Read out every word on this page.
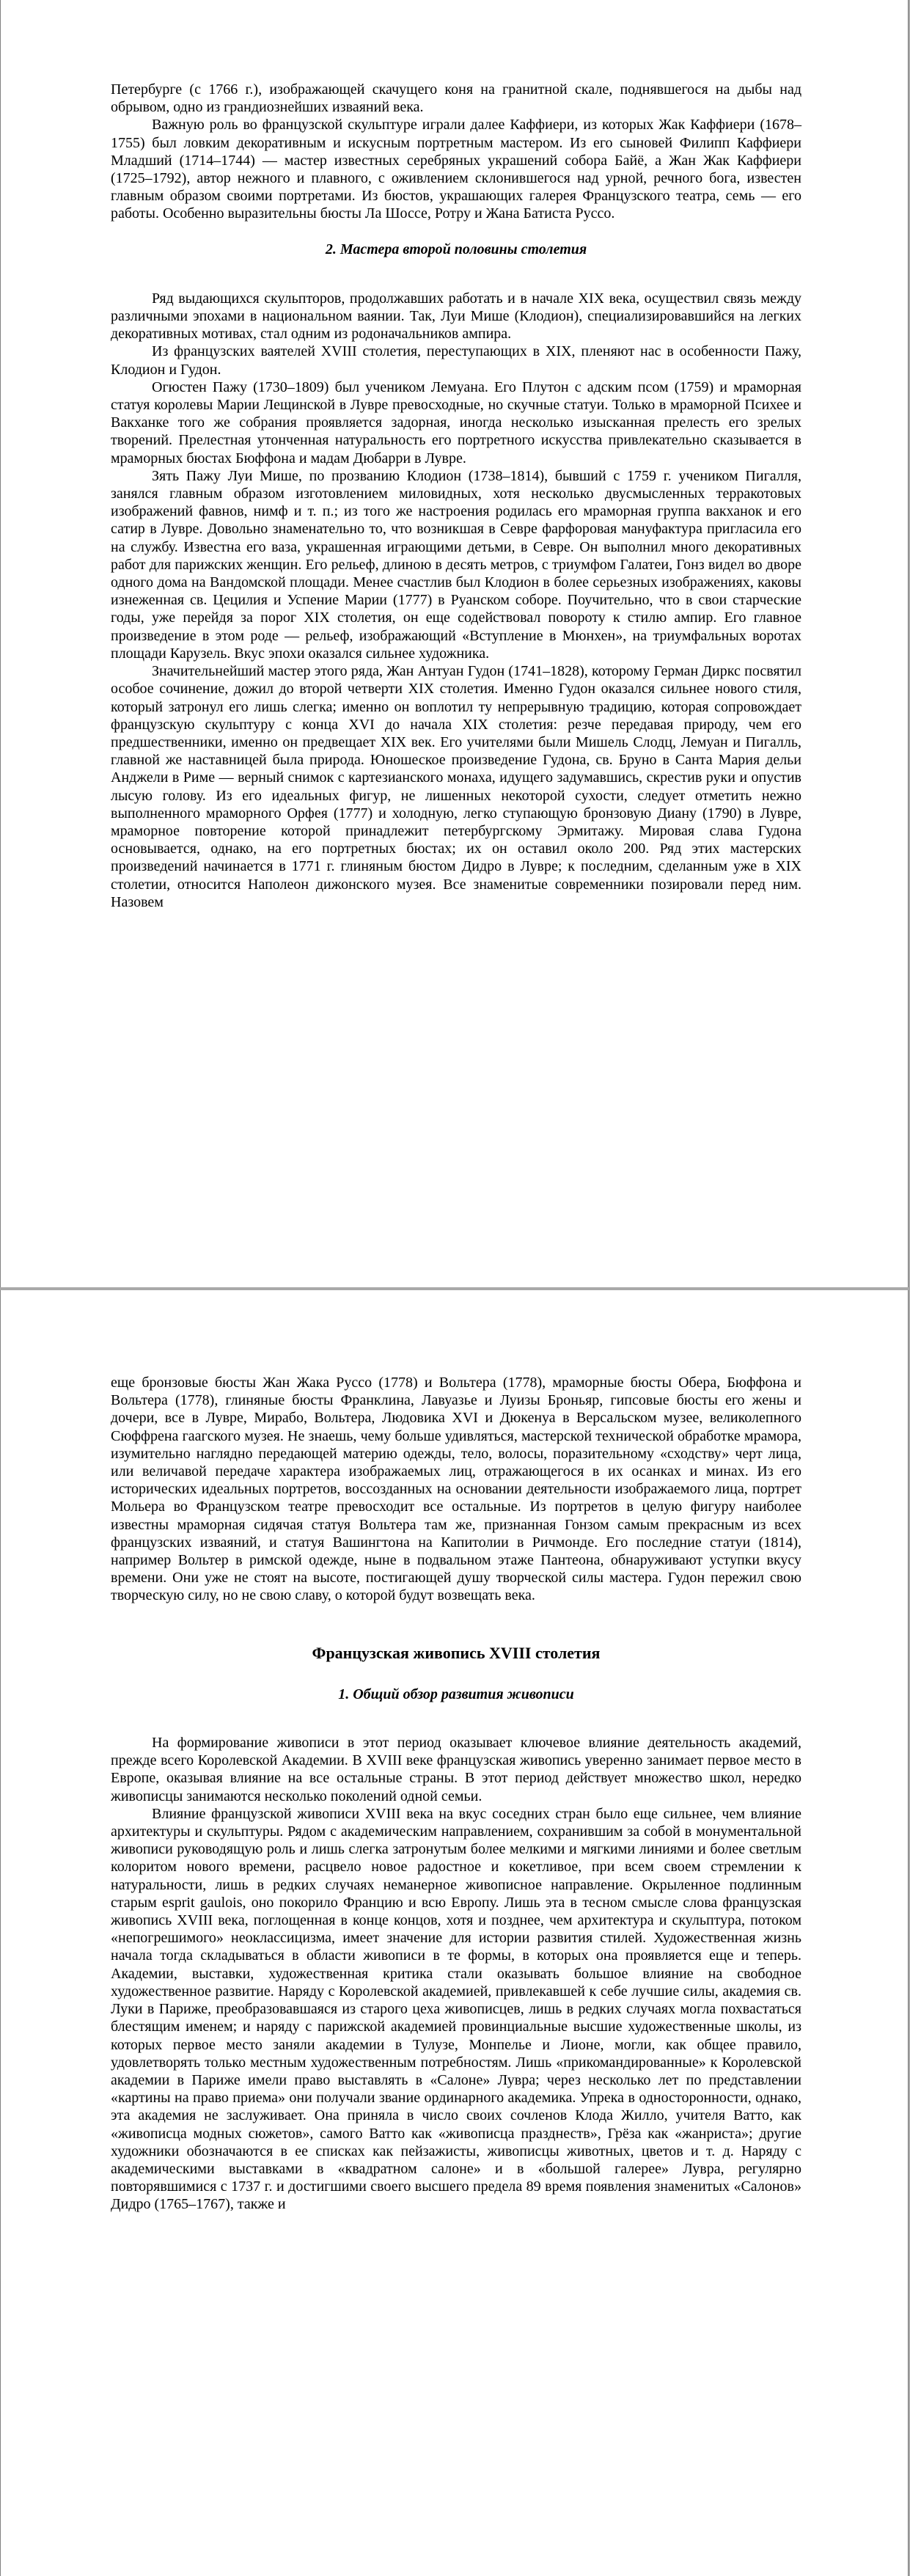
Петербурге (с 1766 г.), изображающей скачущего коня на гранитной скале, поднявшегося на дыбы над обрывом, одно из грандиознейших изваяний века.

Важную роль во французской скульптуре играли далее Каффиери, из которых Жак Каффиери (1678–1755) был ловким декоративным и искусным портретным мастером. Из его сыновей Филипп Каффиери Младший (1714–1744) — мастер известных серебряных украшений собора Байё, а Жан Жак Каффиери (1725–1792), автор нежного и плавного, с оживлением склонившегося над урной, речного бога, известен главным образом своими портретами. Из бюстов, украшающих галерея Французского театра, семь — его работы. Особенно выразительны бюсты Ла Шоссе, Ротру и Жана Батиста Руссо.

2. Мастера второй половины столетия

Ряд выдающихся скульпторов, продолжавших работать и в начале XIX века, осуществил связь между различными эпохами в национальном ваянии. Так, Луи Мише (Клодион), специализировавшийся на легких декоративных мотивах, стал одним из родоначальников ампира.

Из французских ваятелей XVIII столетия, переступающих в XIX, пленяют нас в особенности Пажу, Клодион и Гудон.

Огюстен Пажу (1730–1809) был учеником Лемуана. Его Плутон с адским псом (1759) и мраморная статуя королевы Марии Лещинской в Лувре превосходные, но скучные статуи. Только в мраморной Психее и Вакханке того же собрания проявляется задорная, иногда несколько изысканная прелесть его зрелых творений. Прелестная утонченная натуральность его портретного искусства привлекательно сказывается в мраморных бюстах Бюффона и мадам Дюбарри в Лувре.

Зять Пажу Луи Мише, по прозванию Клодион (1738–1814), бывший с 1759 г. учеником Пигалля, занялся главным образом изготовлением миловидных, хотя несколько двусмысленных терракотовых изображений фавнов, нимф и т. п.; из того же настроения родилась его мраморная группа вакханок и его сатир в Лувре. Довольно знаменательно то, что возникшая в Севре фарфоровая мануфактура пригласила его на службу. Известна его ваза, украшенная играющими детьми, в Севре. Он выполнил много декоративных работ для парижских женщин. Его рельеф, длиною в десять метров, с триумфом Галатеи, Гонз видел во дворе одного дома на Вандомской площади. Менее счастлив был Клодион в более серьезных изображениях, каковы изнеженная св. Цецилия и Успение Марии (1777) в Руанском соборе. Поучительно, что в свои старческие годы, уже перейдя за порог XIX столетия, он еще содействовал повороту к стилю ампир. Его главное произведение в этом роде — рельеф, изображающий «Вступление в Мюнхен», на триумфальных воротах площади Карузель. Вкус эпохи оказался сильнее художника.

Значительнейший мастер этого ряда, Жан Антуан Гудон (1741–1828), которому Герман Диркс посвятил особое сочинение, дожил до второй четверти XIX столетия. Именно Гудон оказался сильнее нового стиля, который затронул его лишь слегка; именно он воплотил ту непрерывную традицию, которая сопровождает французскую скульптуру с конца XVI до начала XIX столетия: резче передавая природу, чем его предшественники, именно он предвещает XIX век. Его учителями были Мишель Слодц, Лемуан и Пигалль, главной же наставницей была природа. Юношеское произведение Гудона, св. Бруно в Санта Мария дельи Анджели в Риме — верный снимок с картезианского монаха, идущего задумавшись, скрестив руки и опустив лысую голову. Из его идеальных фигур, не лишенных некоторой сухости, следует отметить нежно выполненного мраморного Орфея (1777) и холодную, легко ступающую бронзовую Диану (1790) в Лувре, мраморное повторение которой принадлежит петербургскому Эрмитажу. Мировая слава Гудона основывается, однако, на его портретных бюстах; их он оставил около 200. Ряд этих мастерских произведений начинается в 1771 г. глиняным бюстом Дидро в Лувре; к последним, сделанным уже в XIX столетии, относится Наполеон дижонского музея. Все знаменитые современники позировали перед ним. Назовем

еще бронзовые бюсты Жан Жака Руссо (1778) и Вольтера (1778), мраморные бюсты Обера, Бюффона и Вольтера (1778), глиняные бюсты Франклина, Лавуазье и Луизы Броньяр, гипсовые бюсты его жены и дочери, все в Лувре, Мирабо, Вольтера, Людовика XVI и Дюкенуа в Версальском музее, великолепного Сюффрена гаагского музея. Не знаешь, чему больше удивляться, мастерской технической обработке мрамора, изумительно наглядно передающей материю одежды, тело, волосы, поразительному «сходству» черт лица, или величавой передаче характера изображаемых лиц, отражающегося в их осанках и минах. Из его исторических идеальных портретов, воссозданных на основании деятельности изображаемого лица, портрет Мольера во Французском театре превосходит все остальные. Из портретов в целую фигуру наиболее известны мраморная сидячая статуя Вольтера там же, признанная Гонзом самым прекрасным из всех французских изваяний, и статуя Вашингтона на Капитолии в Ричмонде. Его последние статуи (1814), например Вольтер в римской одежде, ныне в подвальном этаже Пантеона, обнаруживают уступки вкусу времени. Они уже не стоят на высоте, постигающей душу творческой силы мастера. Гудон пережил свою творческую силу, но не свою славу, о которой будут возвещать века.

Французская живопись XVIII столетия
1. Общий обзор развития живописи

На формирование живописи в этот период оказывает ключевое влияние деятельность академий, прежде всего Королевской Академии. В XVIII веке французская живопись уверенно занимает первое место в Европе, оказывая влияние на все остальные страны. В этот период действует множество школ, нередко живописцы занимаются несколько поколений одной семьи.

Влияние французской живописи XVIII века на вкус соседних стран было еще сильнее, чем влияние архитектуры и скульптуры. Рядом с академическим направлением, сохранившим за собой в монументальной живописи руководящую роль и лишь слегка затронутым более мелкими и мягкими линиями и более светлым колоритом нового времени, расцвело новое радостное и кокетливое, при всем своем стремлении к натуральности, лишь в редких случаях неманерное живописное направление. Окрыленное подлинным старым esprit gaulois, оно покорило Францию и всю Европу. Лишь эта в тесном смысле слова французская живопись XVIII века, поглощенная в конце концов, хотя и позднее, чем архитектура и скульптура, потоком «непогрешимого» неоклассицизма, имеет значение для истории развития стилей. Художественная жизнь начала тогда складываться в области живописи в те формы, в которых она проявляется еще и теперь. Академии, выставки, художественная критика стали оказывать большое влияние на свободное художественное развитие. Наряду с Королевской академией, привлекавшей к себе лучшие силы, академия св. Луки в Париже, преобразовавшаяся из старого цеха живописцев, лишь в редких случаях могла похвастаться блестящим именем; и наряду с парижской академией провинциальные высшие художественные школы, из которых первое место заняли академии в Тулузе, Монпелье и Лионе, могли, как общее правило, удовлетворять только местным художественным потребностям. Лишь «прикомандированные» к Королевской академии в Париже имели право выставлять в «Салоне» Лувра; через несколько лет по представлении «картины на право приема» они получали звание ординарного академика. Упрека в односторонности, однако, эта академия не заслуживает. Она приняла в число своих сочленов Клода Жилло, учителя Ватто, как «живописца модных сюжетов», самого Ватто как «живописца празднеств», Грёза как «жанриста»; другие художники обозначаются в ее списках как пейзажисты, живописцы животных, цветов и т. д. Наряду с академическими выставками в «квадратном салоне» и в «большой галерее» Лувра, регулярно повторявшимися с 1737 г. и достигшими своего высшего предела 89 время появления знаменитых «Салонов» Дидро (1765–1767), также и
